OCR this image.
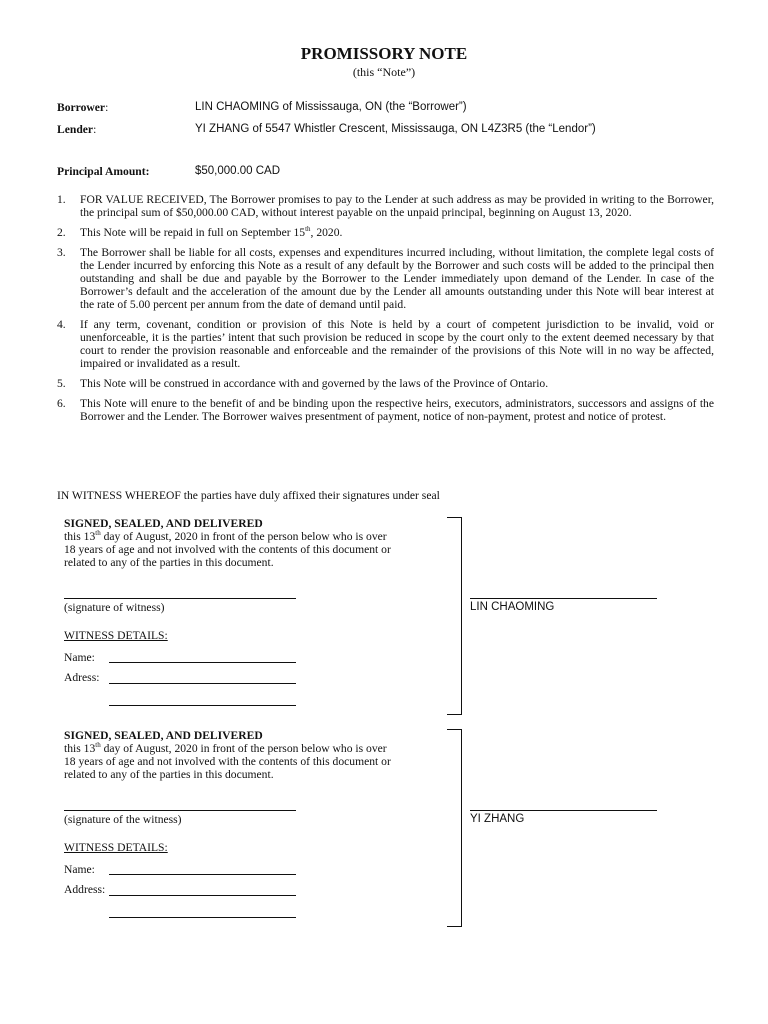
PROMISSORY NOTE
(this “Note”)
Borrower:	LIN CHAOMING of Mississauga, ON (the “Borrower”)
Lender:	YI ZHANG of 5547 Whistler Crescent, Mississauga, ON L4Z3R5 (the “Lendor”)
Principal Amount:	$50,000.00 CAD
1. FOR VALUE RECEIVED, The Borrower promises to pay to the Lender at such address as may be provided in writing to the Borrower, the principal sum of $50,000.00 CAD, without interest payable on the unpaid principal, beginning on August 13, 2020.
2. This Note will be repaid in full on September 15th, 2020.
3. The Borrower shall be liable for all costs, expenses and expenditures incurred including, without limitation, the complete legal costs of the Lender incurred by enforcing this Note as a result of any default by the Borrower and such costs will be added to the principal then outstanding and shall be due and payable by the Borrower to the Lender immediately upon demand of the Lender. In case of the Borrower’s default and the acceleration of the amount due by the Lender all amounts outstanding under this Note will bear interest at the rate of 5.00 percent per annum from the date of demand until paid.
4. If any term, covenant, condition or provision of this Note is held by a court of competent jurisdiction to be invalid, void or unenforceable, it is the parties’ intent that such provision be reduced in scope by the court only to the extent deemed necessary by that court to render the provision reasonable and enforceable and the remainder of the provisions of this Note will in no way be affected, impaired or invalidated as a result.
5. This Note will be construed in accordance with and governed by the laws of the Province of Ontario.
6. This Note will enure to the benefit of and be binding upon the respective heirs, executors, administrators, successors and assigns of the Borrower and the Lender. The Borrower waives presentment of payment, notice of non-payment, protest and notice of protest.
IN WITNESS WHEREOF the parties have duly affixed their signatures under seal
SIGNED, SEALED, AND DELIVERED
this 13th day of August, 2020 in front of the person below who is over
18 years of age and not involved with the contents of this document or
related to any of the parties in this document.
(signature of witness)
WITNESS DETAILS:
Name:
Adress:
LIN CHAOMING
SIGNED, SEALED, AND DELIVERED
this 13th day of August, 2020 in front of the person below who is over
18 years of age and not involved with the contents of this document or
related to any of the parties in this document.
(signature of the witness)
WITNESS DETAILS:
Name:
Address:
YI ZHANG
